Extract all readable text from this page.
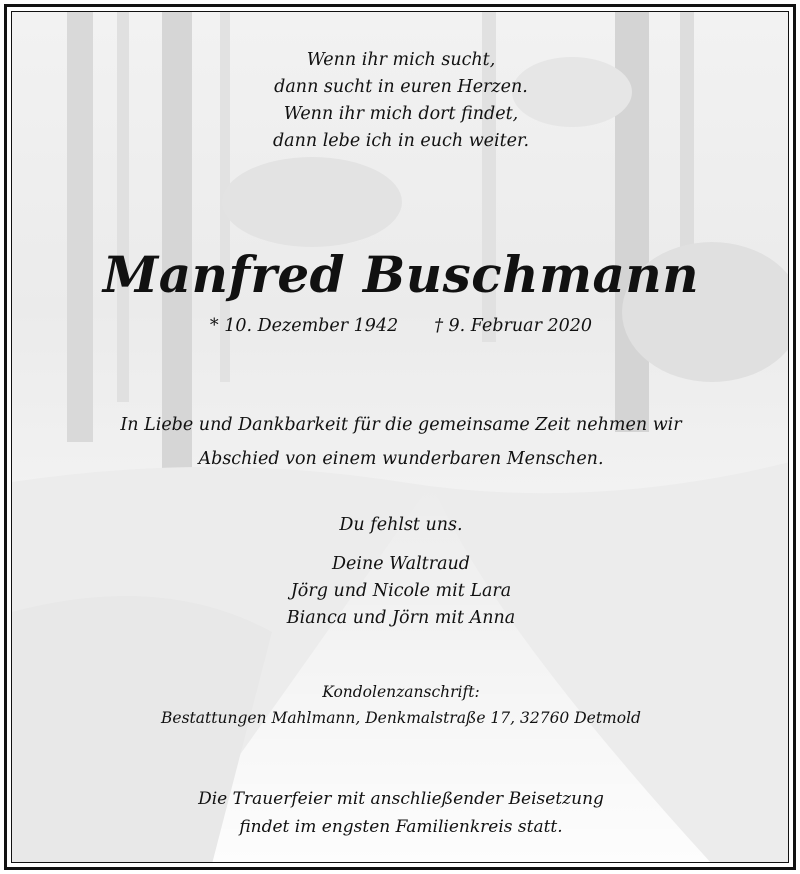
Wenn ihr mich sucht,
dann sucht in euren Herzen.
Wenn ihr mich dort findet,
dann lebe ich in euch weiter.
Manfred Buschmann
* 10. Dezember 1942 † 9. Februar 2020
In Liebe und Dankbarkeit für die gemeinsame Zeit nehmen wir
Abschied von einem wunderbaren Menschen.
Du fehlst uns.
Deine Waltraud
Jörg und Nicole mit Lara
Bianca und Jörn mit Anna
Kondolenzanschrift:
Bestattungen Mahlmann, Denkmalstraße 17, 32760 Detmold
Die Trauerfeier mit anschließender Beisetzung
findet im engsten Familienkreis statt.
